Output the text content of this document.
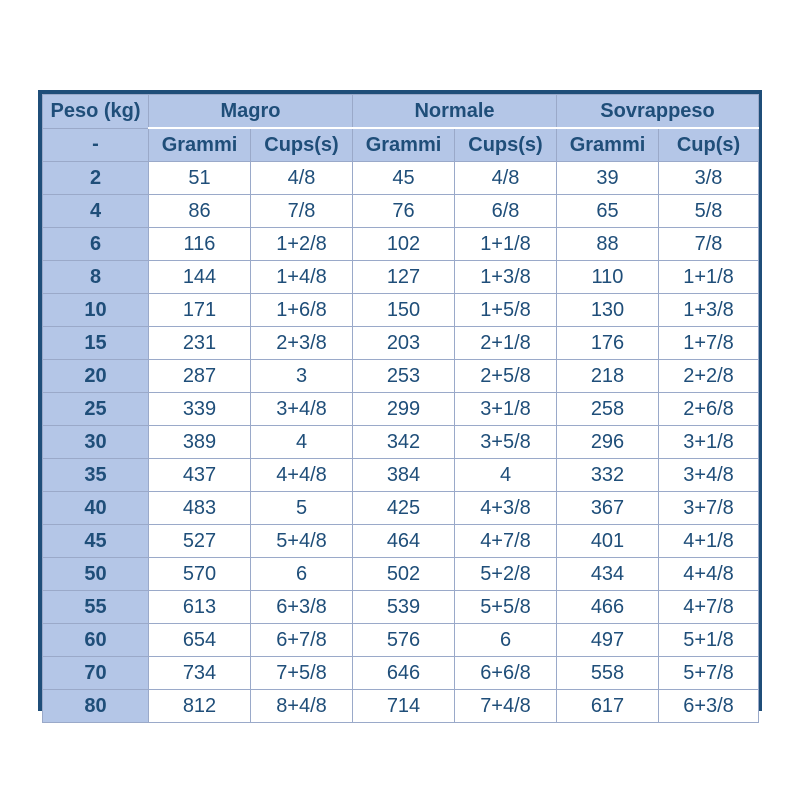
Peso (kg)	Magro		Normale		Sovrappeso	
-	Grammi	Cups(s)	Grammi	Cups(s)	Grammi	Cup(s)
2	51	4/8	45	4/8	39	3/8
4	86	7/8	76	6/8	65	5/8
6	116	1+2/8	102	1+1/8	88	7/8
8	144	1+4/8	127	1+3/8	110	1+1/8
10	171	1+6/8	150	1+5/8	130	1+3/8
15	231	2+3/8	203	2+1/8	176	1+7/8
20	287	3	253	2+5/8	218	2+2/8
25	339	3+4/8	299	3+1/8	258	2+6/8
30	389	4	342	3+5/8	296	3+1/8
35	437	4+4/8	384	4	332	3+4/8
40	483	5	425	4+3/8	367	3+7/8
45	527	5+4/8	464	4+7/8	401	4+1/8
50	570	6	502	5+2/8	434	4+4/8
55	613	6+3/8	539	5+5/8	466	4+7/8
60	654	6+7/8	576	6	497	5+1/8
70	734	7+5/8	646	6+6/8	558	5+7/8
80	812	8+4/8	714	7+4/8	617	6+3/8
